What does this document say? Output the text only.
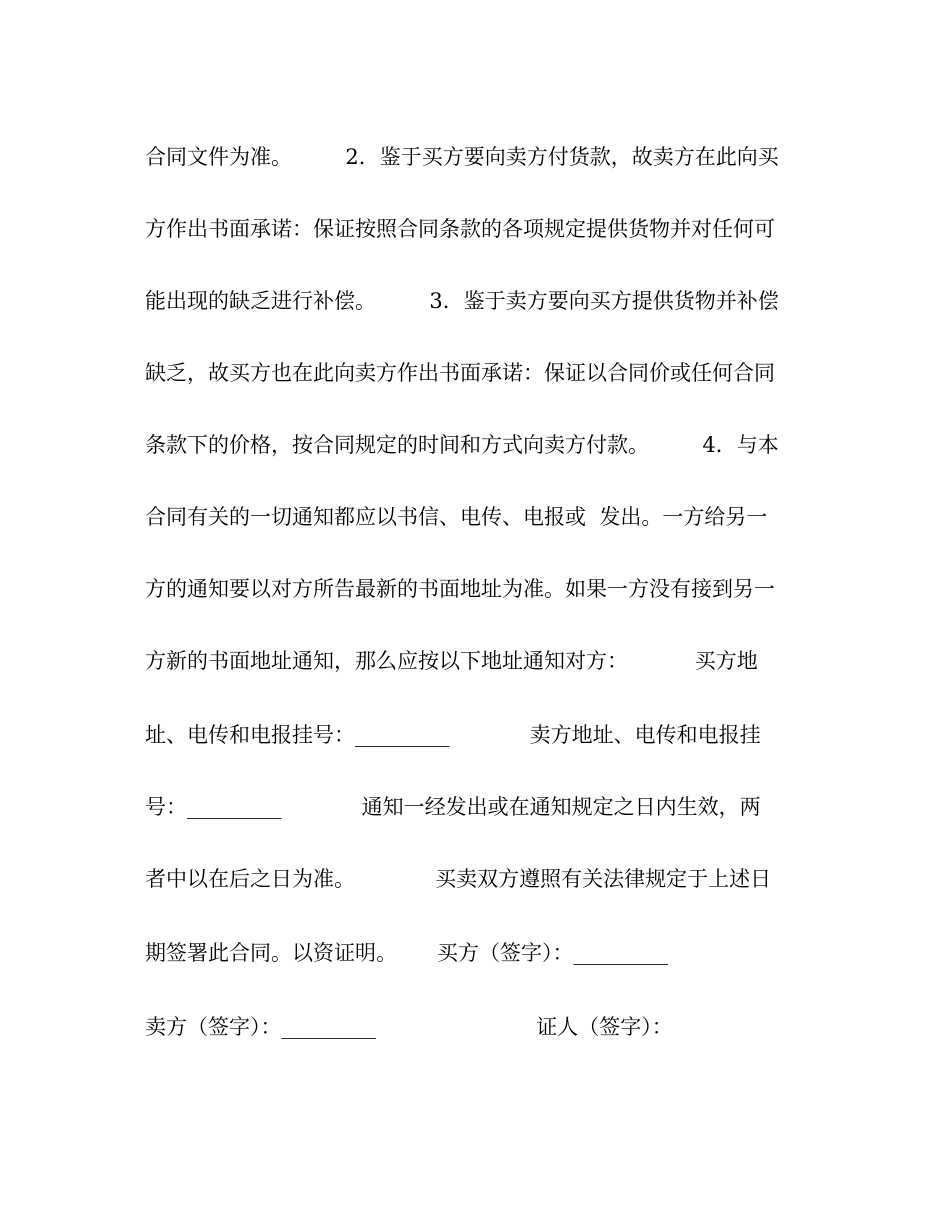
合同文件为准。        2．鉴于买方要向卖方付货款，故卖方在此向买
方作出书面承诺：保证按照合同条款的各项规定提供货物并对任何可
能出现的缺乏进行补偿。        3．鉴于卖方要向买方提供货物并补偿
缺乏，故买方也在此向卖方作出书面承诺：保证以合同价或任何合同
条款下的价格，按合同规定的时间和方式向卖方付款。        4．与本
合同有关的一切通知都应以书信、电传、电报或  发出。一方给另一
方的通知要以对方所告最新的书面地址为准。如果一方没有接到另一
方新的书面地址通知，那么应按以下地址通知对方：          买方地
址、电传和电报挂号：_________            卖方地址、电传和电报挂
号：_________            通知一经发出或在通知规定之日内生效，两
者中以在后之日为准。            买卖双方遵照有关法律规定于上述日
期签署此合同。以资证明。      买方（签字）：_________
卖方（签字）：_________                        证人（签字）：
